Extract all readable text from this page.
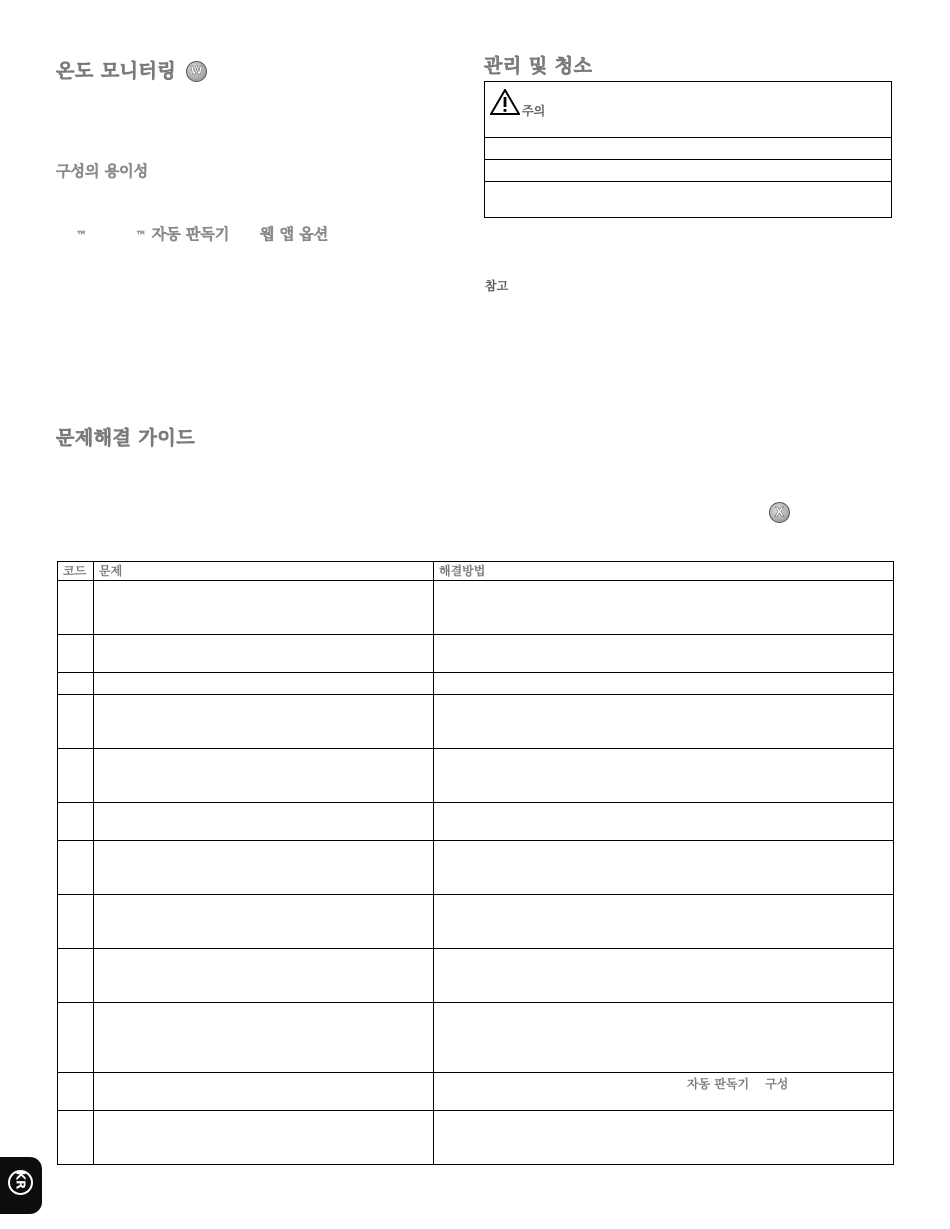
온도 모니터링 W
구성의 용이성
™	™ 자동 판독기 웹 앱 옵션
문제해결 가이드
관리 및 청소
주의
참고
X
코드	문제	해결방법

		자동 판독기 구성

KR
